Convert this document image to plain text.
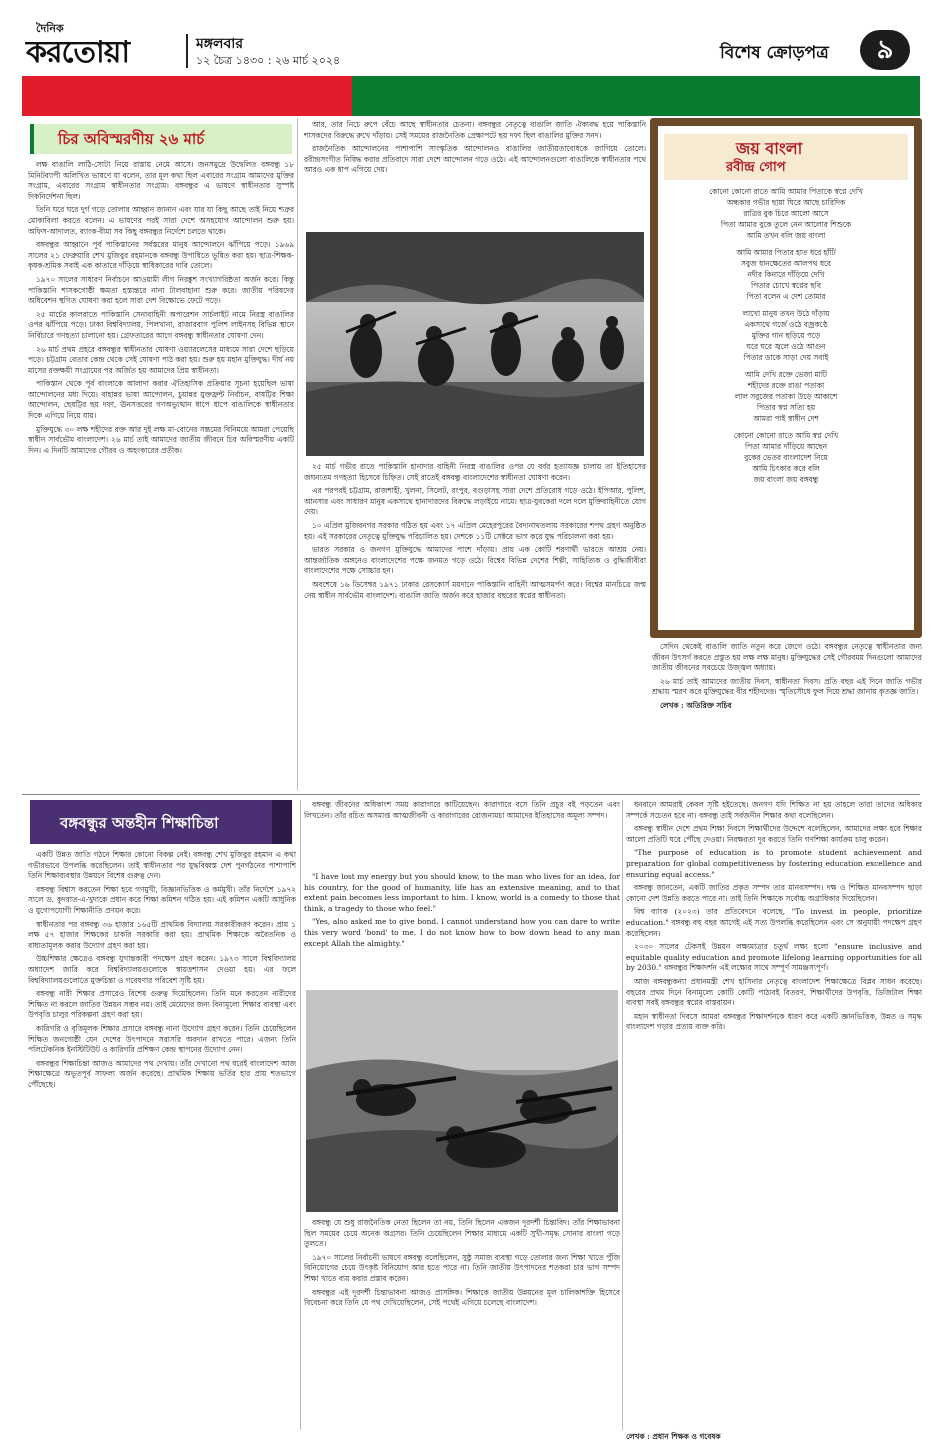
দৈনিক
করতোয়া	মঙ্গলবার
১২ চৈত্র ১৪৩০ : ২৬ মার্চ ২০২৪	বিশেষ ক্রোড়পত্র	৯
মহান স্বাধীনতা ও জাতীয় দিবস	মঙ্গলবার, ২৬ শে মার্চ ২০২৪
চির অবিস্মরণীয় ২৬ মার্চ

লক্ষ বাঙালি লাঠি-সোটা নিয়ে রাস্তায় নেমে আসে। জনসমুদ্রে উদ্বেলিত বঙ্গবন্ধু ১৮ মিনিটব্যাপী অলিখিত ভাষণে যা বলেন, তার মূল কথা ছিল এবারের সংগ্রাম আমাদের মুক্তির সংগ্রাম, এবারের সংগ্রাম স্বাধীনতার সংগ্রাম। বঙ্গবন্ধুর এ ভাষণে স্বাধীনতার সুস্পষ্ট দিকনির্দেশনা ছিল।

তিনি ঘরে ঘরে দুর্গ গড়ে তোলার আহ্বান জানান এবং যার যা কিছু আছে তাই নিয়ে শত্রুর মোকাবিলা করতে বলেন। এ ভাষণের পরই সারা দেশে অসহযোগ আন্দোলন শুরু হয়। অফিস-আদালত, ব্যাংক-বীমা সব কিছু বঙ্গবন্ধুর নির্দেশে চলতে থাকে।

বঙ্গবন্ধুর আহ্বানে পূর্ব পাকিস্তানের সর্বস্তরের মানুষ আন্দোলনে ঝাঁপিয়ে পড়ে। ১৯৬৯ সালের ২১ ফেব্রুয়ারি শেখ মুজিবুর রহমানকে বঙ্গবন্ধু উপাধিতে ভূষিত করা হয়। ছাত্র-শিক্ষক-কৃষক-শ্রমিক সবাই এক কাতারে দাঁড়িয়ে স্বাধিকারের দাবি তোলে।

১৯৭০ সালের সাধারণ নির্বাচনে আওয়ামী লীগ নিরঙ্কুশ সংখ্যাগরিষ্ঠতা অর্জন করে। কিন্তু পাকিস্তানি শাসকগোষ্ঠী ক্ষমতা হস্তান্তরে নানা টালবাহানা শুরু করে। জাতীয় পরিষদের অধিবেশন স্থগিত ঘোষণা করা হলে সারা দেশ বিক্ষোভে ফেটে পড়ে।

২৫ মার্চের কালরাতে পাকিস্তানি সেনাবাহিনী অপারেশন সার্চলাইট নামে নিরস্ত্র বাঙালির ওপর ঝাঁপিয়ে পড়ে। ঢাকা বিশ্ববিদ্যালয়, পিলখানা, রাজারবাগ পুলিশ লাইনসহ বিভিন্ন স্থানে নির্বিচারে গণহত্যা চালানো হয়। গ্রেফতারের আগে বঙ্গবন্ধু স্বাধীনতার ঘোষণা দেন।

২৬ মার্চ প্রথম প্রহরে বঙ্গবন্ধুর স্বাধীনতার ঘোষণা ওয়্যারলেসের মাধ্যমে সারা দেশে ছড়িয়ে পড়ে। চট্টগ্রাম বেতার কেন্দ্র থেকে সেই ঘোষণা পাঠ করা হয়। শুরু হয় মহান মুক্তিযুদ্ধ। দীর্ঘ নয় মাসের রক্তক্ষয়ী সংগ্রামের পর অর্জিত হয় আমাদের প্রিয় স্বাধীনতা।

পাকিস্তান থেকে পূর্ব বাংলাকে আলাদা করার ঐতিহাসিক প্রক্রিয়ার সূচনা হয়েছিল ভাষা আন্দোলনের মধ্য দিয়ে। বাহান্নর ভাষা আন্দোলন, চুয়ান্নর যুক্তফ্রন্ট নির্বাচন, বাষট্টির শিক্ষা আন্দোলন, ছেষট্টির ছয় দফা, ঊনসত্তরের গণঅভ্যুত্থান ধাপে ধাপে বাঙালিকে স্বাধীনতার দিকে এগিয়ে নিয়ে যায়।

মুক্তিযুদ্ধে ৩০ লক্ষ শহীদের রক্ত আর দুই লক্ষ মা-বোনের সম্ভ্রমের বিনিময়ে আমরা পেয়েছি স্বাধীন সার্বভৌম বাংলাদেশ। ২৬ মার্চ তাই আমাদের জাতীয় জীবনে চির অবিস্মরণীয় একটি দিন। এ দিনটি আমাদের গৌরব ও অহংকারের প্রতীক।

আর, তার নিচে রুপে বেঁচে আছে স্বাধীনতার চেতনা। বঙ্গবন্ধুর নেতৃত্বে বাঙালি জাতি ঐক্যবদ্ধ হয়ে পাকিস্তানি শাসকদের বিরুদ্ধে রুখে দাঁড়ায়। সেই সময়ের রাজনৈতিক প্রেক্ষাপটে ছয় দফা ছিল বাঙালির মুক্তির সনদ।

রাজনৈতিক আন্দোলনের পাশাপাশি সাংস্কৃতিক আন্দোলনও বাঙালির জাতীয়তাবোধকে জাগিয়ে তোলে। রবীন্দ্রসংগীত নিষিদ্ধ করার প্রতিবাদে সারা দেশে আন্দোলন গড়ে ওঠে। এই আন্দোলনগুলো বাঙালিকে স্বাধীনতার পথে আরও এক ধাপ এগিয়ে দেয়।

২৫ মার্চ গভীর রাতে পাকিস্তানি হানাদার বাহিনী নিরস্ত্র বাঙালির ওপর যে বর্বর হত্যাযজ্ঞ চালায় তা ইতিহাসের জঘন্যতম গণহত্যা হিসেবে চিহ্নিত। সেই রাতেই বঙ্গবন্ধু বাংলাদেশের স্বাধীনতা ঘোষণা করেন।

এর পরপরই চট্টগ্রাম, রাজশাহী, খুলনা, সিলেট, রংপুর, বগুড়াসহ সারা দেশে প্রতিরোধ গড়ে ওঠে। ইপিআর, পুলিশ, আনসার এবং সাধারণ মানুষ একসাথে হানাদারদের বিরুদ্ধে লড়াইয়ে নামে। ছাত্র-যুবকেরা দলে দলে মুক্তিবাহিনীতে যোগ দেয়।

১০ এপ্রিল মুজিবনগর সরকার গঠিত হয় এবং ১৭ এপ্রিল মেহেরপুরের বৈদ্যনাথতলায় সরকারের শপথ গ্রহণ অনুষ্ঠিত হয়। এই সরকারের নেতৃত্বে মুক্তিযুদ্ধ পরিচালিত হয়। দেশকে ১১টি সেক্টরে ভাগ করে যুদ্ধ পরিচালনা করা হয়।

ভারত সরকার ও জনগণ মুক্তিযুদ্ধে আমাদের পাশে দাঁড়ায়। প্রায় এক কোটি শরণার্থী ভারতে আশ্রয় নেয়। আন্তর্জাতিক অঙ্গনেও বাংলাদেশের পক্ষে জনমত গড়ে ওঠে। বিশ্বের বিভিন্ন দেশের শিল্পী, সাহিত্যিক ও বুদ্ধিজীবীরা বাংলাদেশের পক্ষে সোচ্চার হন।

অবশেষে ১৬ ডিসেম্বর ১৯৭১ ঢাকার রেসকোর্স ময়দানে পাকিস্তানি বাহিনী আত্মসমর্পণ করে। বিশ্বের মানচিত্রে জন্ম নেয় স্বাধীন সার্বভৌম বাংলাদেশ। বাঙালি জাতি অর্জন করে হাজার বছরের স্বপ্নের স্বাধীনতা।

জয় বাংলা
রবীন্দ্র গোপ
কোনো কোনো রাতে আমি আমার পিতাকে স্বপ্নে দেখি
অন্ধকার গভীর ছায়া ঘিরে আছে চারিদিক
রাত্রির বুক চিরে আলো আসে
পিতা আমার বুকে তুলে নেন আলোর শিশুকে
আমি তখন বলি জয় বাংলা
আমি আমার পিতার হাত ধরে হাঁটি
সবুজ ধানক্ষেতের আলপথ ধরে
নদীর কিনারে দাঁড়িয়ে দেখি
পিতার চোখে স্বপ্নের ছবি
পিতা বলেন এ দেশ তোমার
লাখো মানুষ তখন উঠে দাঁড়ায়
একসাথে গর্জে ওঠে বজ্রকণ্ঠে
মুক্তির গান ছড়িয়ে পড়ে
ঘরে ঘরে জ্বলে ওঠে আগুন
পিতার ডাকে সাড়া দেয় সবাই
আমি দেখি রক্তে ভেজা মাটি
শহীদের রক্তে রাঙা পতাকা
লাল সবুজের পতাকা উড়ে আকাশে
পিতার স্বপ্ন সত্যি হয়
আমরা পাই স্বাধীন দেশ
কোনো কোনো রাতে আমি স্বপ্ন দেখি
পিতা আমার দাঁড়িয়ে আছেন
বুকের ভেতর বাংলাদেশ নিয়ে
আমি চিৎকার করে বলি
জয় বাংলা জয় বঙ্গবন্ধু

সেদিন থেকেই বাঙালি জাতি নতুন করে জেগে ওঠে। বঙ্গবন্ধুর নেতৃত্বে স্বাধীনতার জন্য জীবন উৎসর্গ করতে প্রস্তুত হয় লক্ষ লক্ষ মানুষ। মুক্তিযুদ্ধের সেই গৌরবময় দিনগুলো আমাদের জাতীয় জীবনের সবচেয়ে উজ্জ্বল অধ্যায়।

২৬ মার্চ তাই আমাদের জাতীয় দিবস, স্বাধীনতা দিবস। প্রতি বছর এই দিনে জাতি গভীর শ্রদ্ধায় স্মরণ করে মুক্তিযুদ্ধের বীর শহীদদের। স্মৃতিসৌধে ফুল দিয়ে শ্রদ্ধা জানায় কৃতজ্ঞ জাতি।

লেখক : অতিরিক্ত সচিব

বঙ্গবন্ধুর অন্তহীন শিক্ষাচিন্তা

একটি উন্নত জাতি গঠনে শিক্ষার কোনো বিকল্প নেই। বঙ্গবন্ধু শেখ মুজিবুর রহমান এ কথা গভীরভাবে উপলব্ধি করেছিলেন। তাই স্বাধীনতার পর যুদ্ধবিধ্বস্ত দেশ পুনর্গঠনের পাশাপাশি তিনি শিক্ষাব্যবস্থার উন্নয়নে বিশেষ গুরুত্ব দেন।

বঙ্গবন্ধু বিশ্বাস করতেন শিক্ষা হবে গণমুখী, বিজ্ঞানভিত্তিক ও কর্মমুখী। তাঁর নির্দেশে ১৯৭২ সালে ড. কুদরাত-এ-খুদাকে প্রধান করে শিক্ষা কমিশন গঠিত হয়। এই কমিশন একটি আধুনিক ও যুগোপযোগী শিক্ষানীতি প্রণয়ন করে।

স্বাধীনতার পর বঙ্গবন্ধু ৩৬ হাজার ১৬৫টি প্রাথমিক বিদ্যালয় সরকারীকরণ করেন। প্রায় ১ লক্ষ ৫৭ হাজার শিক্ষকের চাকরি সরকারি করা হয়। প্রাথমিক শিক্ষাকে অবৈতনিক ও বাধ্যতামূলক করার উদ্যোগ গ্রহণ করা হয়।

উচ্চশিক্ষার ক্ষেত্রেও বঙ্গবন্ধু যুগান্তকারী পদক্ষেপ গ্রহণ করেন। ১৯৭৩ সালে বিশ্ববিদ্যালয় অধ্যাদেশ জারি করে বিশ্ববিদ্যালয়গুলোকে স্বায়ত্তশাসন দেওয়া হয়। এর ফলে বিশ্ববিদ্যালয়গুলোতে মুক্তচিন্তা ও গবেষণার পরিবেশ সৃষ্টি হয়।

বঙ্গবন্ধু নারী শিক্ষার প্রসারেও বিশেষ গুরুত্ব দিয়েছিলেন। তিনি মনে করতেন নারীদের শিক্ষিত না করলে জাতির উন্নয়ন সম্ভব নয়। তাই মেয়েদের জন্য বিনামূল্যে শিক্ষার ব্যবস্থা এবং উপবৃত্তি চালুর পরিকল্পনা গ্রহণ করা হয়।

কারিগরি ও বৃত্তিমূলক শিক্ষার প্রসারে বঙ্গবন্ধু নানা উদ্যোগ গ্রহণ করেন। তিনি চেয়েছিলেন শিক্ষিত জনগোষ্ঠী যেন দেশের উৎপাদনে সরাসরি অবদান রাখতে পারে। এজন্য তিনি পলিটেকনিক ইনস্টিটিউট ও কারিগরি প্রশিক্ষণ কেন্দ্র স্থাপনের উদ্যোগ নেন।

বঙ্গবন্ধুর শিক্ষাচিন্তা আজও আমাদের পথ দেখায়। তাঁর দেখানো পথ ধরেই বাংলাদেশ আজ শিক্ষাক্ষেত্রে অভূতপূর্ব সাফল্য অর্জন করেছে। প্রাথমিক শিক্ষায় ভর্তির হার প্রায় শতভাগে পৌঁছেছে।

বঙ্গবন্ধু জীবনের অধিকাংশ সময় কারাগারে কাটিয়েছেন। কারাগারে বসে তিনি প্রচুর বই পড়তেন এবং লিখতেন। তাঁর রচিত অসমাপ্ত আত্মজীবনী ও কারাগারের রোজনামচা আমাদের ইতিহাসের অমূল্য সম্পদ।

"I have lost my energy but you should know, to the man who lives for an idea, for his country, for the good of humanity, life has an extensive meaning, and to that extent pain becomes less important to him. I know, world is a comedy to those that think, a tragedy to those who feel."

"Yes, also asked me to give bond. I cannot understand how you can dare to write this very word 'bond' to me. I do not know how to bow down head to any man except Allah the almighty."

বঙ্গবন্ধু যে শুধু রাজনৈতিক নেতা ছিলেন তা নয়, তিনি ছিলেন একজন দূরদর্শী চিন্তাবিদ। তাঁর শিক্ষাভাবনা ছিল সময়ের চেয়ে অনেক অগ্রসর। তিনি চেয়েছিলেন শিক্ষার মাধ্যমে একটি সুখী-সমৃদ্ধ সোনার বাংলা গড়ে তুলতে।

১৯৭০ সালের নির্বাচনী ভাষণে বঙ্গবন্ধু বলেছিলেন, সুষ্ঠু সমাজ ব্যবস্থা গড়ে তোলার জন্য শিক্ষা খাতে পুঁজি বিনিয়োগের চেয়ে উৎকৃষ্ট বিনিয়োগ আর হতে পারে না। তিনি জাতীয় উৎপাদনের শতকরা চার ভাগ সম্পদ শিক্ষা খাতে ব্যয় করার প্রস্তাব করেন।

বঙ্গবন্ধুর এই দূরদর্শী চিন্তাভাবনা আজও প্রাসঙ্গিক। শিক্ষাকে জাতীয় উন্নয়নের মূল চালিকাশক্তি হিসেবে বিবেচনা করে তিনি যে পথ দেখিয়েছিলেন, সেই পথেই এগিয়ে চলেছে বাংলাদেশ।

ধনবানে আমরাই কেবল সৃষ্টি হইতেছে। জনগণ যদি শিক্ষিত না হয় তাহলে তারা তাদের অধিকার সম্পর্কে সচেতন হবে না। বঙ্গবন্ধু তাই সর্বজনীন শিক্ষার কথা বলেছিলেন।

বঙ্গবন্ধু স্বাধীন দেশে প্রথম শিক্ষা দিবসে শিক্ষার্থীদের উদ্দেশে বলেছিলেন, আমাদের লক্ষ্য হবে শিক্ষার আলো প্রতিটি ঘরে পৌঁছে দেওয়া। নিরক্ষরতা দূর করতে তিনি গণশিক্ষা কার্যক্রম চালু করেন।

"The purpose of education is to promote student achievement and preparation for global competitiveness by fostering education excellence and ensuring equal access."

বঙ্গবন্ধু জানতেন, একটি জাতির প্রকৃত সম্পদ তার মানবসম্পদ। দক্ষ ও শিক্ষিত মানবসম্পদ ছাড়া কোনো দেশ উন্নতি করতে পারে না। তাই তিনি শিক্ষাকে সর্বোচ্চ অগ্রাধিকার দিয়েছিলেন।

বিশ্ব ব্যাংক (২০২৩) তার প্রতিবেদনে বলেছে, "To invest in people, prioritize education." বঙ্গবন্ধু বহু বছর আগেই এই সত্য উপলব্ধি করেছিলেন এবং সে অনুযায়ী পদক্ষেপ গ্রহণ করেছিলেন।

২০৩০ সালের টেকসই উন্নয়ন লক্ষ্যমাত্রার চতুর্থ লক্ষ্য হলো "ensure inclusive and equitable quality education and promote lifelong learning opportunities for all by 2030." বঙ্গবন্ধুর শিক্ষাদর্শন এই লক্ষ্যের সাথে সম্পূর্ণ সামঞ্জস্যপূর্ণ।

আজ বঙ্গবন্ধুকন্যা প্রধানমন্ত্রী শেখ হাসিনার নেতৃত্বে বাংলাদেশ শিক্ষাক্ষেত্রে বিপ্লব সাধন করেছে। বছরের প্রথম দিনে বিনামূল্যে কোটি কোটি পাঠ্যবই বিতরণ, শিক্ষার্থীদের উপবৃত্তি, ডিজিটাল শিক্ষা ব্যবস্থা সবই বঙ্গবন্ধুর স্বপ্নের বাস্তবায়ন।

মহান স্বাধীনতা দিবসে আমরা বঙ্গবন্ধুর শিক্ষাদর্শনকে ধারণ করে একটি জ্ঞানভিত্তিক, উন্নত ও সমৃদ্ধ বাংলাদেশ গড়ার প্রত্যয় ব্যক্ত করি।

লেখক : প্রধান শিক্ষক ও গবেষক
